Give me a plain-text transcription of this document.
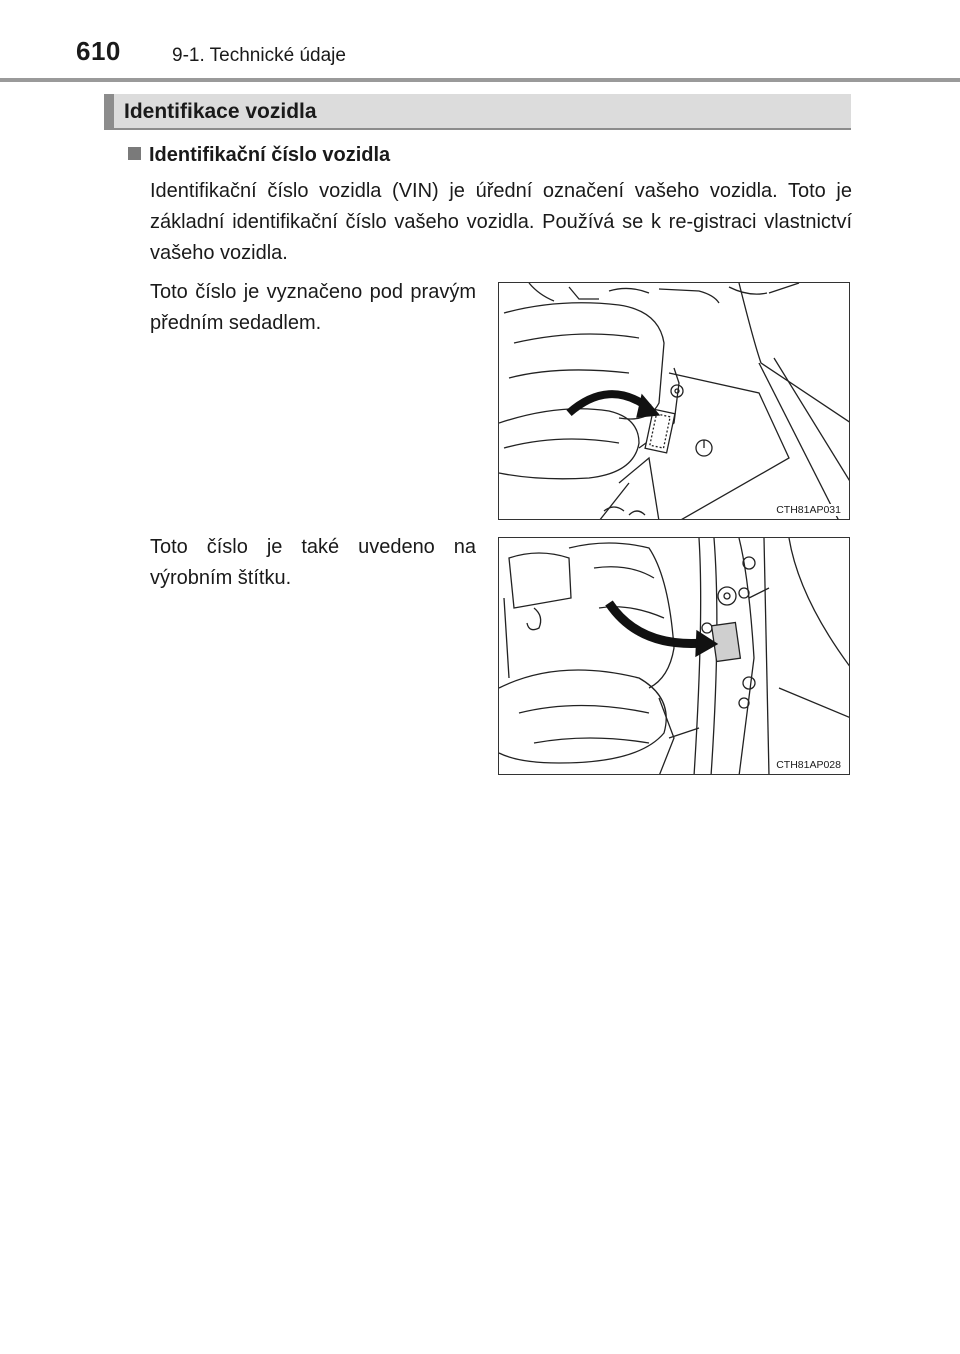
610	9-1. Technické údaje
Identifikace vozidla
Identifikační číslo vozidla
Identifikační číslo vozidla (VIN) je úřední označení vašeho vozidla. Toto je základní identifikační číslo vašeho vozidla. Používá se k re-gistraci vlastnictví vašeho vozidla.
Toto číslo je vyznačeno pod pravým předním sedadlem.
CTH81AP031
Toto číslo je také uvedeno na výrobním štítku.
CTH81AP028
